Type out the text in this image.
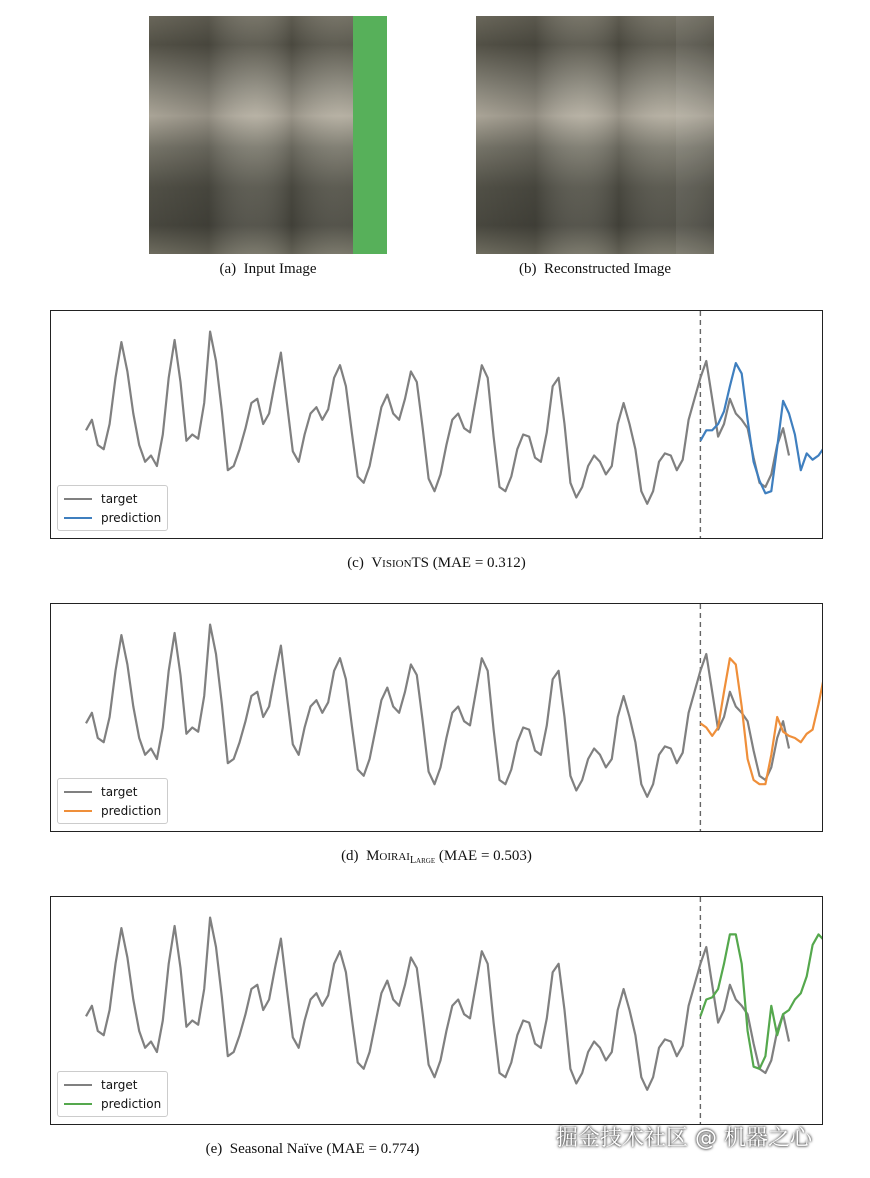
(a) Input Image	(b) Reconstructed Image
target
prediction
(c) VisionTS (MAE = 0.312)
target
prediction
(d) Moirai$_{Large}$ (MAE = 0.503)
target
prediction
(e) Seasonal Naïve (MAE = 0.774)	掘金技术社区 @ 机器之心
